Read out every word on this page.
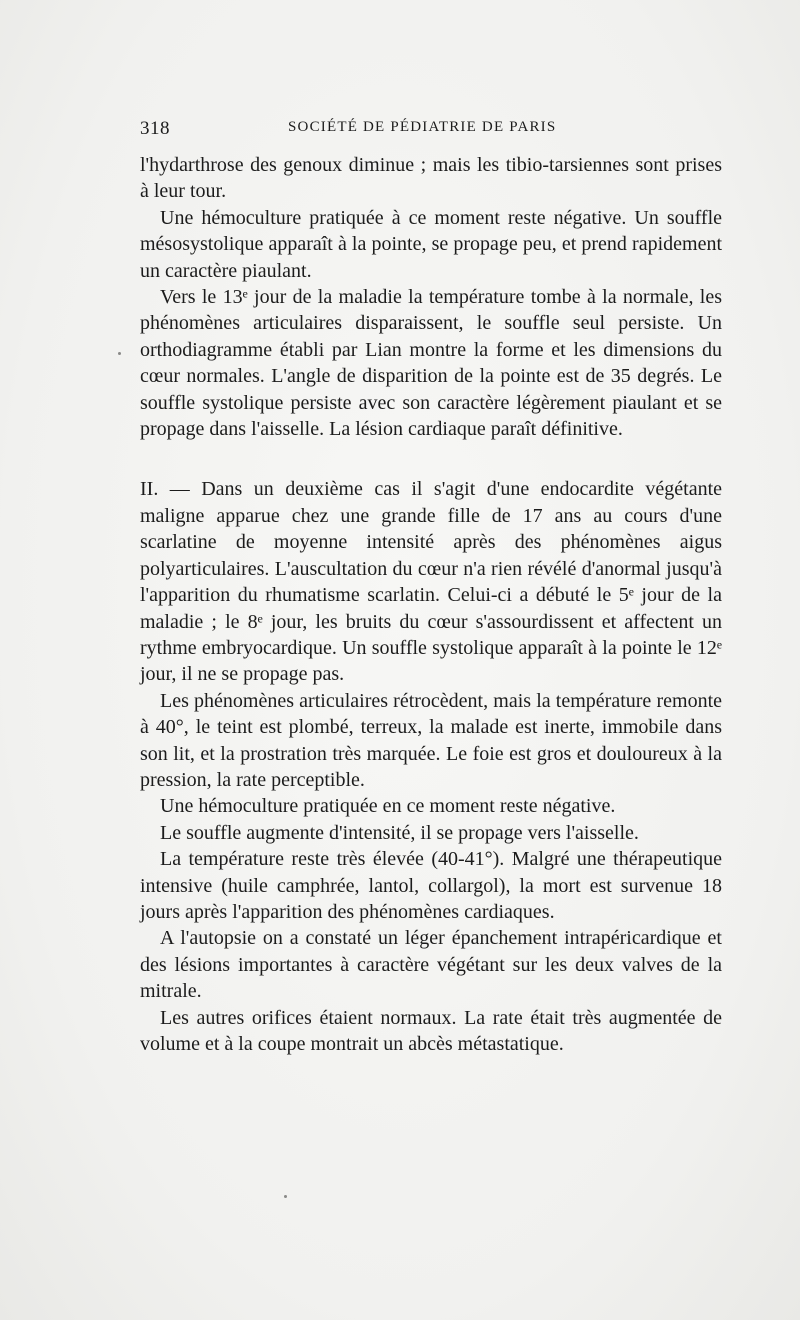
318	SOCIÉTÉ DE PÉDIATRIE DE PARIS

l'hydarthrose des genoux diminue ; mais les tibio-tarsiennes sont prises à leur tour.

Une hémoculture pratiquée à ce moment reste négative. Un souffle mésosystolique apparaît à la pointe, se propage peu, et prend rapidement un caractère piaulant.

Vers le 13ᵉ jour de la maladie la température tombe à la normale, les phénomènes articulaires disparaissent, le souffle seul persiste. Un orthodiagramme établi par Lian montre la forme et les dimensions du cœur normales. L'angle de disparition de la pointe est de 35 degrés. Le souffle systolique persiste avec son caractère légèrement piaulant et se propage dans l'aisselle. La lésion cardiaque paraît définitive.

II. — Dans un deuxième cas il s'agit d'une endocardite végétante maligne apparue chez une grande fille de 17 ans au cours d'une scarlatine de moyenne intensité après des phénomènes aigus polyarticulaires. L'auscultation du cœur n'a rien révélé d'anormal jusqu'à l'apparition du rhumatisme scarlatin. Celui-ci a débuté le 5ᵉ jour de la maladie ; le 8ᵉ jour, les bruits du cœur s'assourdissent et affectent un rythme embryocardique. Un souffle systolique apparaît à la pointe le 12ᵉ jour, il ne se propage pas.

Les phénomènes articulaires rétrocèdent, mais la température remonte à 40°, le teint est plombé, terreux, la malade est inerte, immobile dans son lit, et la prostration très marquée. Le foie est gros et douloureux à la pression, la rate perceptible.

Une hémoculture pratiquée en ce moment reste négative.

Le souffle augmente d'intensité, il se propage vers l'aisselle.

La température reste très élevée (40-41°). Malgré une thérapeutique intensive (huile camphrée, lantol, collargol), la mort est survenue 18 jours après l'apparition des phénomènes cardiaques.

A l'autopsie on a constaté un léger épanchement intrapéricardique et des lésions importantes à caractère végétant sur les deux valves de la mitrale.

Les autres orifices étaient normaux. La rate était très augmentée de volume et à la coupe montrait un abcès métastatique.
